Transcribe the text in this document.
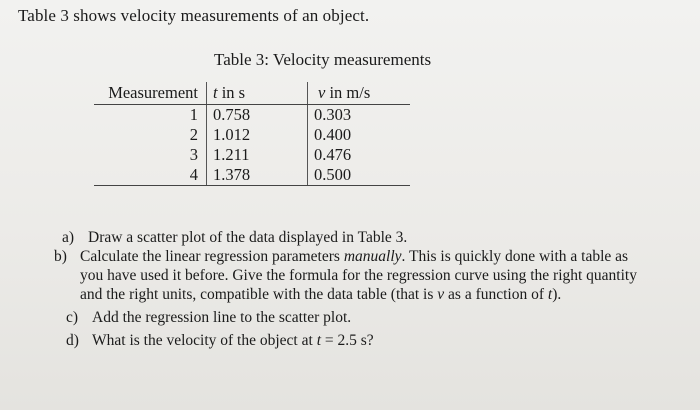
Table 3 shows velocity measurements of an object.
Table 3: Velocity measurements
Measurement	t in s	v in m/s
1	0.758	0.303
2	1.012	0.400
3	1.211	0.476
4	1.378	0.500
a) Draw a scatter plot of the data displayed in Table 3.
b) Calculate the linear regression parameters manually. This is quickly done with a table as you have used it before. Give the formula for the regression curve using the right quantity and the right units, compatible with the data table (that is v as a function of t).
c) Add the regression line to the scatter plot.
d) What is the velocity of the object at t = 2.5 s?
